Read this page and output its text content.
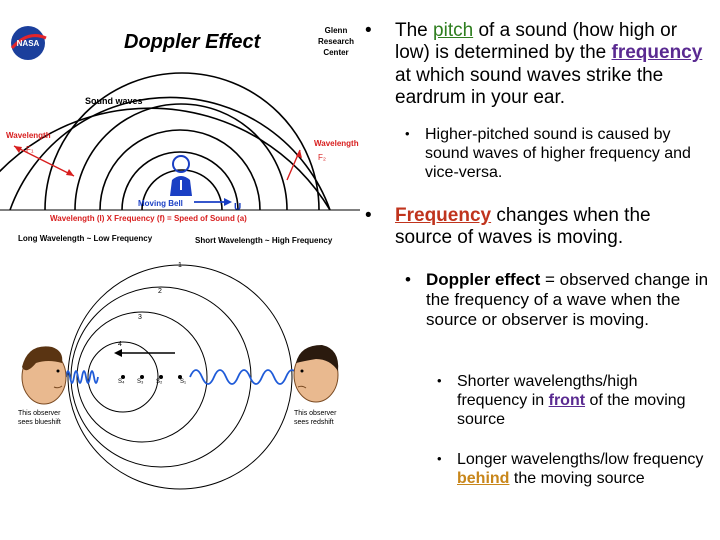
NASA	Doppler Effect
Glenn
Research
Center
Sound waves
Wavelength
F₁
Wavelength
F₂
Moving Bell	U
Wavelength (l) X Frequency (f) = Speed of Sound (a)
Long Wavelength ~ Low Frequency	Short Wavelength ~ High Frequency
1
2
3
4
S₄ S₃ S₂	S₁
This observer
sees blueshift
This observer
sees redshift
•	The pitch of a sound (how high or low) is determined by the frequency at which sound waves strike the eardrum in your ear.
• Higher-pitched sound is caused by sound waves of higher frequency and vice-versa.
•	Frequency changes when the source of waves is moving.
• Doppler effect = observed change in the frequency of a wave when the source or observer is moving.
• Shorter wavelengths/high frequency in front of the moving source
• Longer wavelengths/low frequency behind the moving source
